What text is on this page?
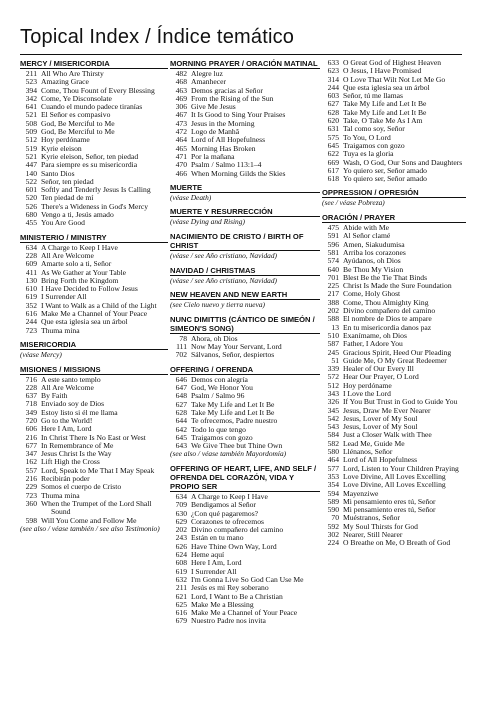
Topical Index / Índice temático
MERCY / MISERICORDIA
211 All Who Are Thirsty
523 Amazing Grace
394 Come, Thou Fount of Every Blessing
342 Come, Ye Disconsolate
641 Cuando el mundo padece tiranías
521 El Señor es compasivo
508 God, Be Merciful to Me
509 God, Be Merciful to Me
512 Hoy perdóname
519 Kyrie eleison
521 Kyrie eleison, Señor, ten piedad
447 Para siempre es su misericordia
140 Santo Dios
522 Señor, ten piedad
601 Softly and Tenderly Jesus Is Calling
520 Ten piedad de mí
526 There's a Wideness in God's Mercy
680 Vengo a ti, Jesús amado
455 You Are Good
MINISTERIO / MINISTRY
634 A Charge to Keep I Have
228 All Are Welcome
609 Amarte solo a ti, Señor
411 As We Gather at Your Table
130 Bring Forth the Kingdom
610 I Have Decided to Follow Jesus
619 I Surrender All
352 I Want to Walk as a Child of the Light
616 Make Me a Channel of Your Peace
244 Que esta iglesia sea un árbol
723 Thuma mina
MISERICORDIA
(véase Mercy)
MISIONES / MISSIONS
716 A este santo templo
228 All Are Welcome
637 By Faith
718 Enviado soy de Dios
349 Estoy listo si él me llama
720 Go to the World!
606 Here I Am, Lord
216 In Christ There Is No East or West
677 In Remembrance of Me
347 Jesus Christ Is the Way
162 Lift High the Cross
557 Lord, Speak to Me That I May Speak
216 Recibirán poder
229 Somos el cuerpo de Cristo
723 Thuma mina
360 When the Trumpet of the Lord Shall Sound
598 Will You Come and Follow Me
(see also / véase también / see also Testimonio)
MORNING PRAYER / ORACIÓN MATINAL
482 Alegre luz
468 Amanhecer
463 Demos gracias al Señor
469 From the Rising of the Sun
306 Give Me Jesus
467 It Is Good to Sing Your Praises
473 Jesus in the Morning
472 Logo de Manhã
464 Lord of All Hopefulness
465 Morning Has Broken
471 Por la mañana
470 Psalm / Salmo 113:1–4
466 When Morning Gilds the Skies
MUERTE
(véase Death)
MUERTE Y RESURRECCIÓN
(véase Dying and Rising)
NACIMIENTO DE CRISTO / BIRTH OF CHRIST
(véase / see Año cristiano, Navidad)
NAVIDAD / CHRISTMAS
(véase / see Año cristiano, Navidad)
NEW HEAVEN AND NEW EARTH
(see Cielo nuevo y tierra nueva)
NUNC DIMITTIS (CÁNTICO DE SIMEÓN / SIMEON'S SONG)
78 Ahora, oh Dios
111 Now May Your Servant, Lord
702 Sálvanos, Señor, despiertos
OFFERING / OFRENDA
646 Demos con alegría
647 God, We Honor You
648 Psalm / Salmo 96
627 Take My Life and Let It Be
628 Take My Life and Let It Be
644 Te ofrecemos, Padre nuestro
642 Todo lo que tengo
645 Traigamos con gozo
643 We Give Thee but Thine Own
(see also / véase también Mayordomía)
OFFERING OF HEART, LIFE, AND SELF / OFRENDA DEL CORAZÓN, VIDA Y PROPIO SER
634 A Charge to Keep I Have
709 Bendigamos al Señor
630 ¿Con qué pagaremos?
629 Corazones te ofrecemos
202 Divino compañero del camino
243 Están en tu mano
626 Have Thine Own Way, Lord
624 Heme aquí
608 Here I Am, Lord
619 I Surrender All
632 I'm Gonna Live So God Can Use Me
211 Jesús es mi Rey soberano
621 Lord, I Want to Be a Christian
625 Make Me a Blessing
616 Make Me a Channel of Your Peace
679 Nuestro Padre nos invita
633 O Great God of Highest Heaven
623 O Jesus, I Have Promised
314 O Love That Wilt Not Let Me Go
244 Que esta iglesia sea un árbol
603 Señor, tú me llamas
627 Take My Life and Let It Be
628 Take My Life and Let It Be
620 Take, O Take Me As I Am
631 Tal como soy, Señor
575 To You, O Lord
645 Traigamos con gozo
622 Tuya es la gloria
669 Wash, O God, Our Sons and Daughters
617 Yo quiero ser, Señor amado
618 Yo quiero ser, Señor amado
OPPRESSION / OPRESIÓN
(see / véase Pobreza)
ORACIÓN / PRAYER
475 Abide with Me
591 Al Señor clamé
596 Amen, Siakudumisa
581 Arriba los corazones
574 Ayúdanos, oh Dios
640 Be Thou My Vision
701 Blest Be the Tie That Binds
225 Christ Is Made the Sure Foundation
217 Come, Holy Ghost
388 Come, Thou Almighty King
202 Divino compañero del camino
588 El nombre de Dios te ampare
13 En tu misericordia danos paz
510 Exanímame, oh Dios
587 Father, I Adore You
245 Gracious Spirit, Heed Our Pleading
51 Guide Me, O My Great Redeemer
339 Healer of Our Every Ill
572 Hear Our Prayer, O Lord
512 Hoy perdóname
343 I Love the Lord
326 If You But Trust in God to Guide You
345 Jesus, Draw Me Ever Nearer
542 Jesus, Lover of My Soul
543 Jesus, Lover of My Soul
584 Just a Closer Walk with Thee
582 Lead Me, Guide Me
580 Llénanos, Señor
464 Lord of All Hopefulness
577 Lord, Listen to Your Children Praying
353 Love Divine, All Loves Excelling
354 Love Divine, All Loves Excelling
594 Mayenziwe
589 Mi pensamiento eres tú, Señor
590 Mi pensamiento eres tú, Señor
70 Muéstranos, Señor
592 My Soul Thirsts for God
302 Nearer, Still Nearer
224 O Breathe on Me, O Breath of God
